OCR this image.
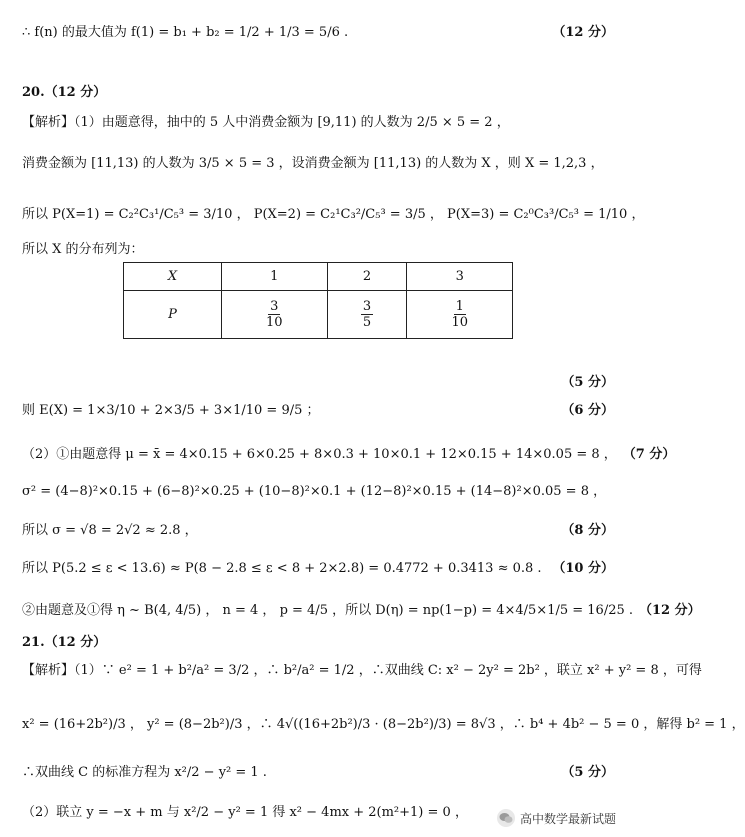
∴ f(n) 的最大值为 f(1) = b₁ + b₂ = 1/2 + 1/3 = 5/6 .	（12 分）
20.（12 分）
【解析】（1）由题意得，抽中的 5 人中消费金额为 [9,11) 的人数为 2/5 × 5 = 2 ，
消费金额为 [11,13) 的人数为 3/5 × 5 = 3 ，设消费金额为 [11,13) 的人数为 X ，则 X = 1,2,3 ，
所以 P(X=1) = C₂²C₃¹/C₅³ = 3/10 ， P(X=2) = C₂¹C₃²/C₅³ = 3/5 ， P(X=3) = C₂⁰C₃³/C₅³ = 1/10 ，
所以 X 的分布列为：
X	1	2	3
P	$\frac{3}{10}$	$\frac{3}{5}$	$\frac{1}{10}$
（5 分）
则 E(X) = 1×3/10 + 2×3/5 + 3×1/10 = 9/5 ；	（6 分）
（2）①由题意得 μ = x̄ = 4×0.15 + 6×0.25 + 8×0.3 + 10×0.1 + 12×0.15 + 14×0.05 = 8 ， （7 分）
σ² = (4−8)²×0.15 + (6−8)²×0.25 + (10−8)²×0.1 + (12−8)²×0.15 + (14−8)²×0.05 = 8 ，
所以 σ = √8 = 2√2 ≈ 2.8 ，	（8 分）
所以 P(5.2 ≤ ε < 13.6) ≈ P(8 − 2.8 ≤ ε < 8 + 2×2.8) = 0.4772 + 0.3413 ≈ 0.8 . （10 分）
②由题意及①得 η ~ B(4, 4/5) ， n = 4 ， p = 4/5 ，所以 D(η) = np(1−p) = 4×4/5×1/5 = 16/25 . （12 分）
21.（12 分）
【解析】（1）∵ e² = 1 + b²/a² = 3/2 ，∴ b²/a² = 1/2 ，∴双曲线 C: x² − 2y² = 2b² ，联立 x² + y² = 8 ，可得
x² = (16+2b²)/3 ， y² = (8−2b²)/3 ，∴ 4√((16+2b²)/3 · (8−2b²)/3) = 8√3 ，∴ b⁴ + 4b² − 5 = 0 ，解得 b² = 1 ，
∴双曲线 C 的标准方程为 x²/2 − y² = 1 .	（5 分）
（2）联立 y = −x + m 与 x²/2 − y² = 1 得 x² − 4mx + 2(m²+1) = 0 ，	高中数学最新试题
